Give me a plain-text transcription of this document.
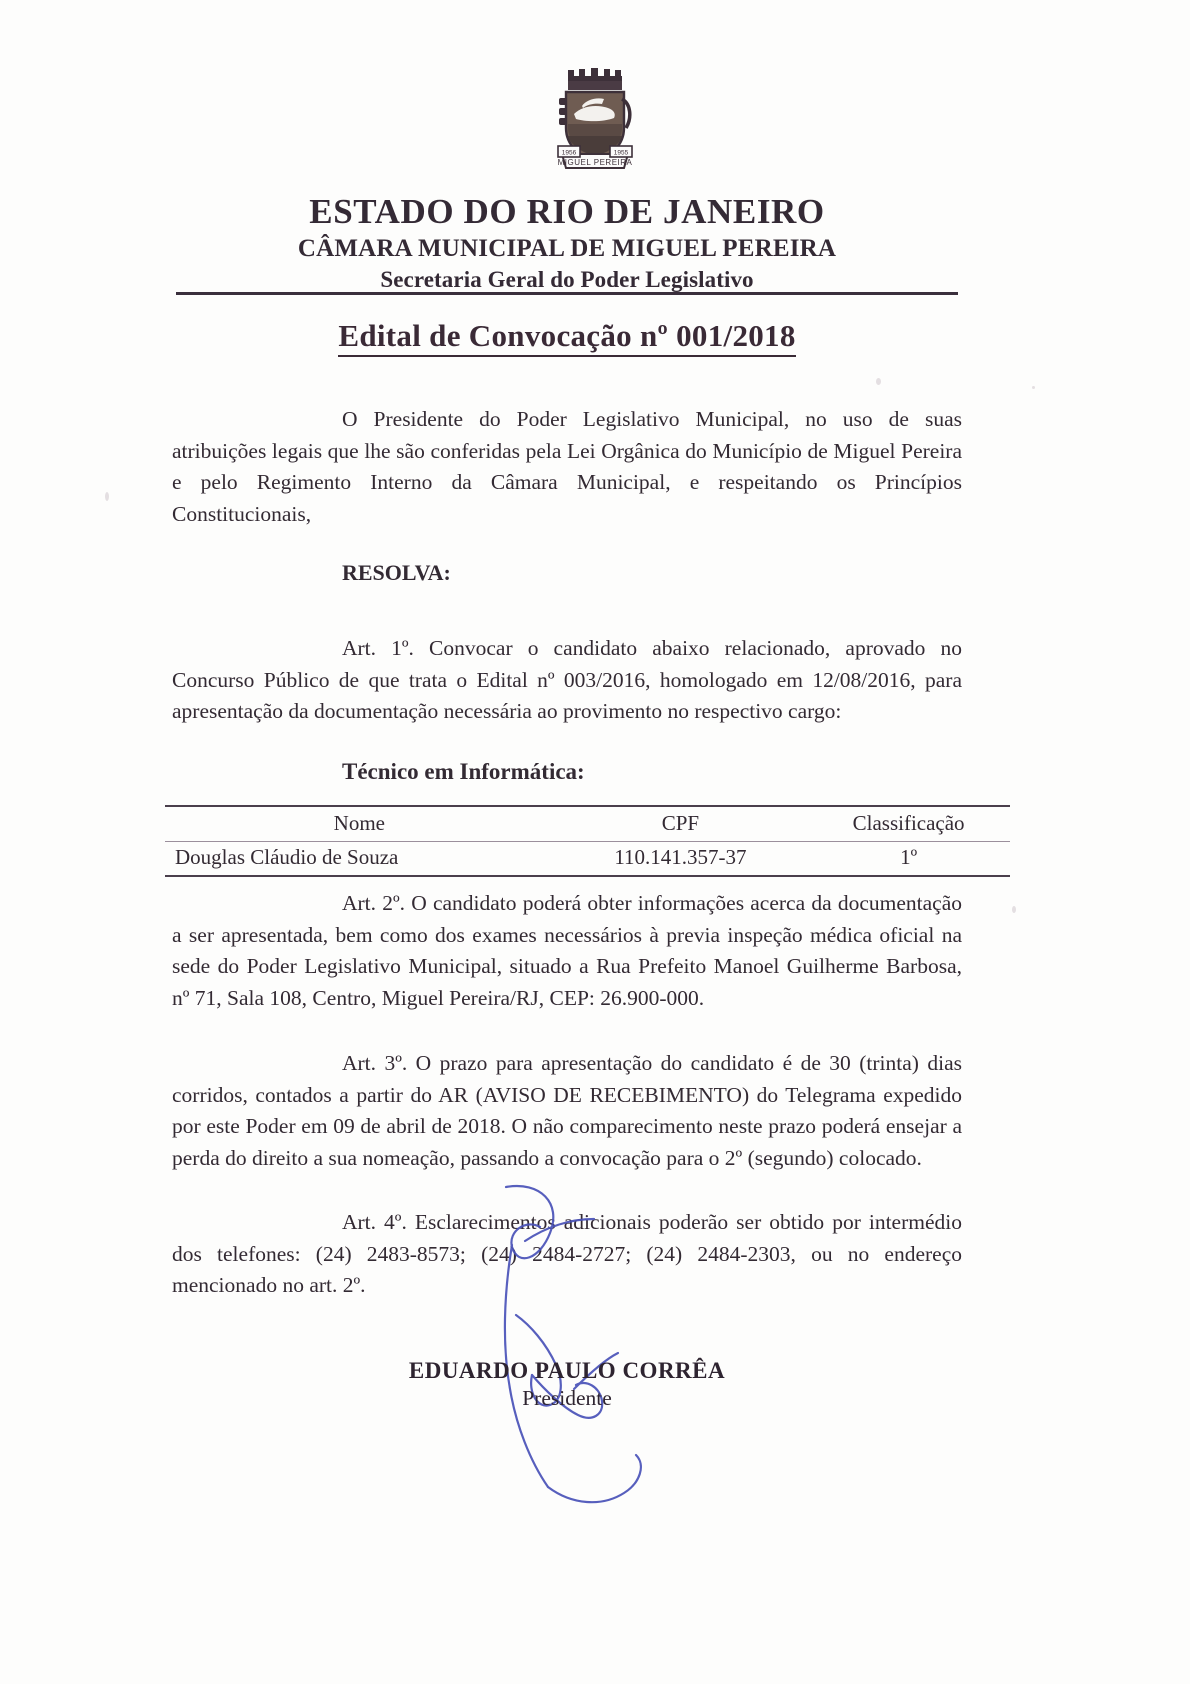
MIGUEL PEREIRA
1956	1955
ESTADO DO RIO DE JANEIRO
CÂMARA MUNICIPAL DE MIGUEL PEREIRA
Secretaria Geral do Poder Legislativo
Edital de Convocação nº 001/2018
O Presidente do Poder Legislativo Municipal, no uso de suas atribuições legais que lhe são conferidas pela Lei Orgânica do Município de Miguel Pereira e pelo Regimento Interno da Câmara Municipal, e respeitando os Princípios Constitucionais,
RESOLVA:
Art. 1º. Convocar o candidato abaixo relacionado, aprovado no Concurso Público de que trata o Edital nº 003/2016, homologado em 12/08/2016, para apresentação da documentação necessária ao provimento no respectivo cargo:
Técnico em Informática:
Nome	CPF	Classificação
Douglas Cláudio de Souza	110.141.357-37	1º
Art. 2º. O candidato poderá obter informações acerca da documentação a ser apresentada, bem como dos exames necessários à previa inspeção médica oficial na sede do Poder Legislativo Municipal, situado a Rua Prefeito Manoel Guilherme Barbosa, nº 71, Sala 108, Centro, Miguel Pereira/RJ, CEP: 26.900-000.
Art. 3º. O prazo para apresentação do candidato é de 30 (trinta) dias corridos, contados a partir do AR (AVISO DE RECEBIMENTO) do Telegrama expedido por este Poder em 09 de abril de 2018. O não comparecimento neste prazo poderá ensejar a perda do direito a sua nomeação, passando a convocação para o 2º (segundo) colocado.
Art. 4º. Esclarecimentos adicionais poderão ser obtido por intermédio dos telefones: (24) 2483-8573; (24) 2484-2727; (24) 2484-2303, ou no endereço mencionado no art. 2º.
EDUARDO PAULO CORRÊA
Presidente
